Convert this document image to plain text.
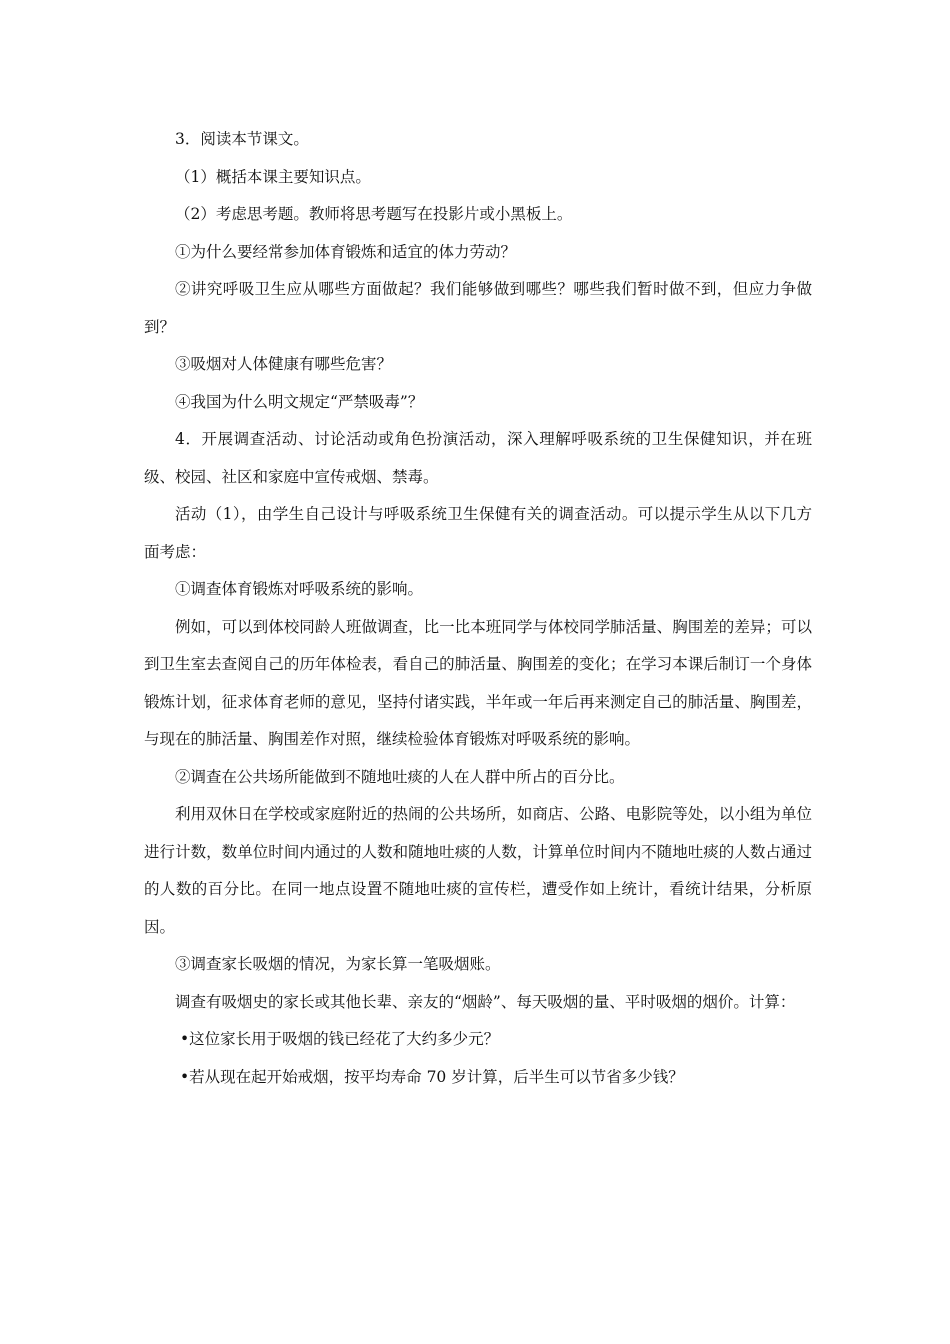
3．阅读本节课文。

（1）概括本课主要知识点。

（2）考虑思考题。教师将思考题写在投影片或小黑板上。

①为什么要经常参加体育锻炼和适宜的体力劳动？

②讲究呼吸卫生应从哪些方面做起？我们能够做到哪些？哪些我们暂时做不到，但应力争做到？

③吸烟对人体健康有哪些危害？

④我国为什么明文规定“严禁吸毒”？

4．开展调查活动、讨论活动或角色扮演活动，深入理解呼吸系统的卫生保健知识，并在班级、校园、社区和家庭中宣传戒烟、禁毒。

活动（1），由学生自己设计与呼吸系统卫生保健有关的调查活动。可以提示学生从以下几方面考虑：

①调查体育锻炼对呼吸系统的影响。

例如，可以到体校同龄人班做调查，比一比本班同学与体校同学肺活量、胸围差的差异；可以到卫生室去查阅自己的历年体检表，看自己的肺活量、胸围差的变化；在学习本课后制订一个身体锻炼计划，征求体育老师的意见，坚持付诸实践，半年或一年后再来测定自己的肺活量、胸围差，与现在的肺活量、胸围差作对照，继续检验体育锻炼对呼吸系统的影响。

②调查在公共场所能做到不随地吐痰的人在人群中所占的百分比。

利用双休日在学校或家庭附近的热闹的公共场所，如商店、公路、电影院等处，以小组为单位进行计数，数单位时间内通过的人数和随地吐痰的人数，计算单位时间内不随地吐痰的人数占通过的人数的百分比。在同一地点设置不随地吐痰的宣传栏，遭受作如上统计，看统计结果，分析原因。

③调查家长吸烟的情况，为家长算一笔吸烟账。

调查有吸烟史的家长或其他长辈、亲友的“烟龄”、每天吸烟的量、平时吸烟的烟价。计算：

•这位家长用于吸烟的钱已经花了大约多少元？

•若从现在起开始戒烟，按平均寿命 70 岁计算，后半生可以节省多少钱？
